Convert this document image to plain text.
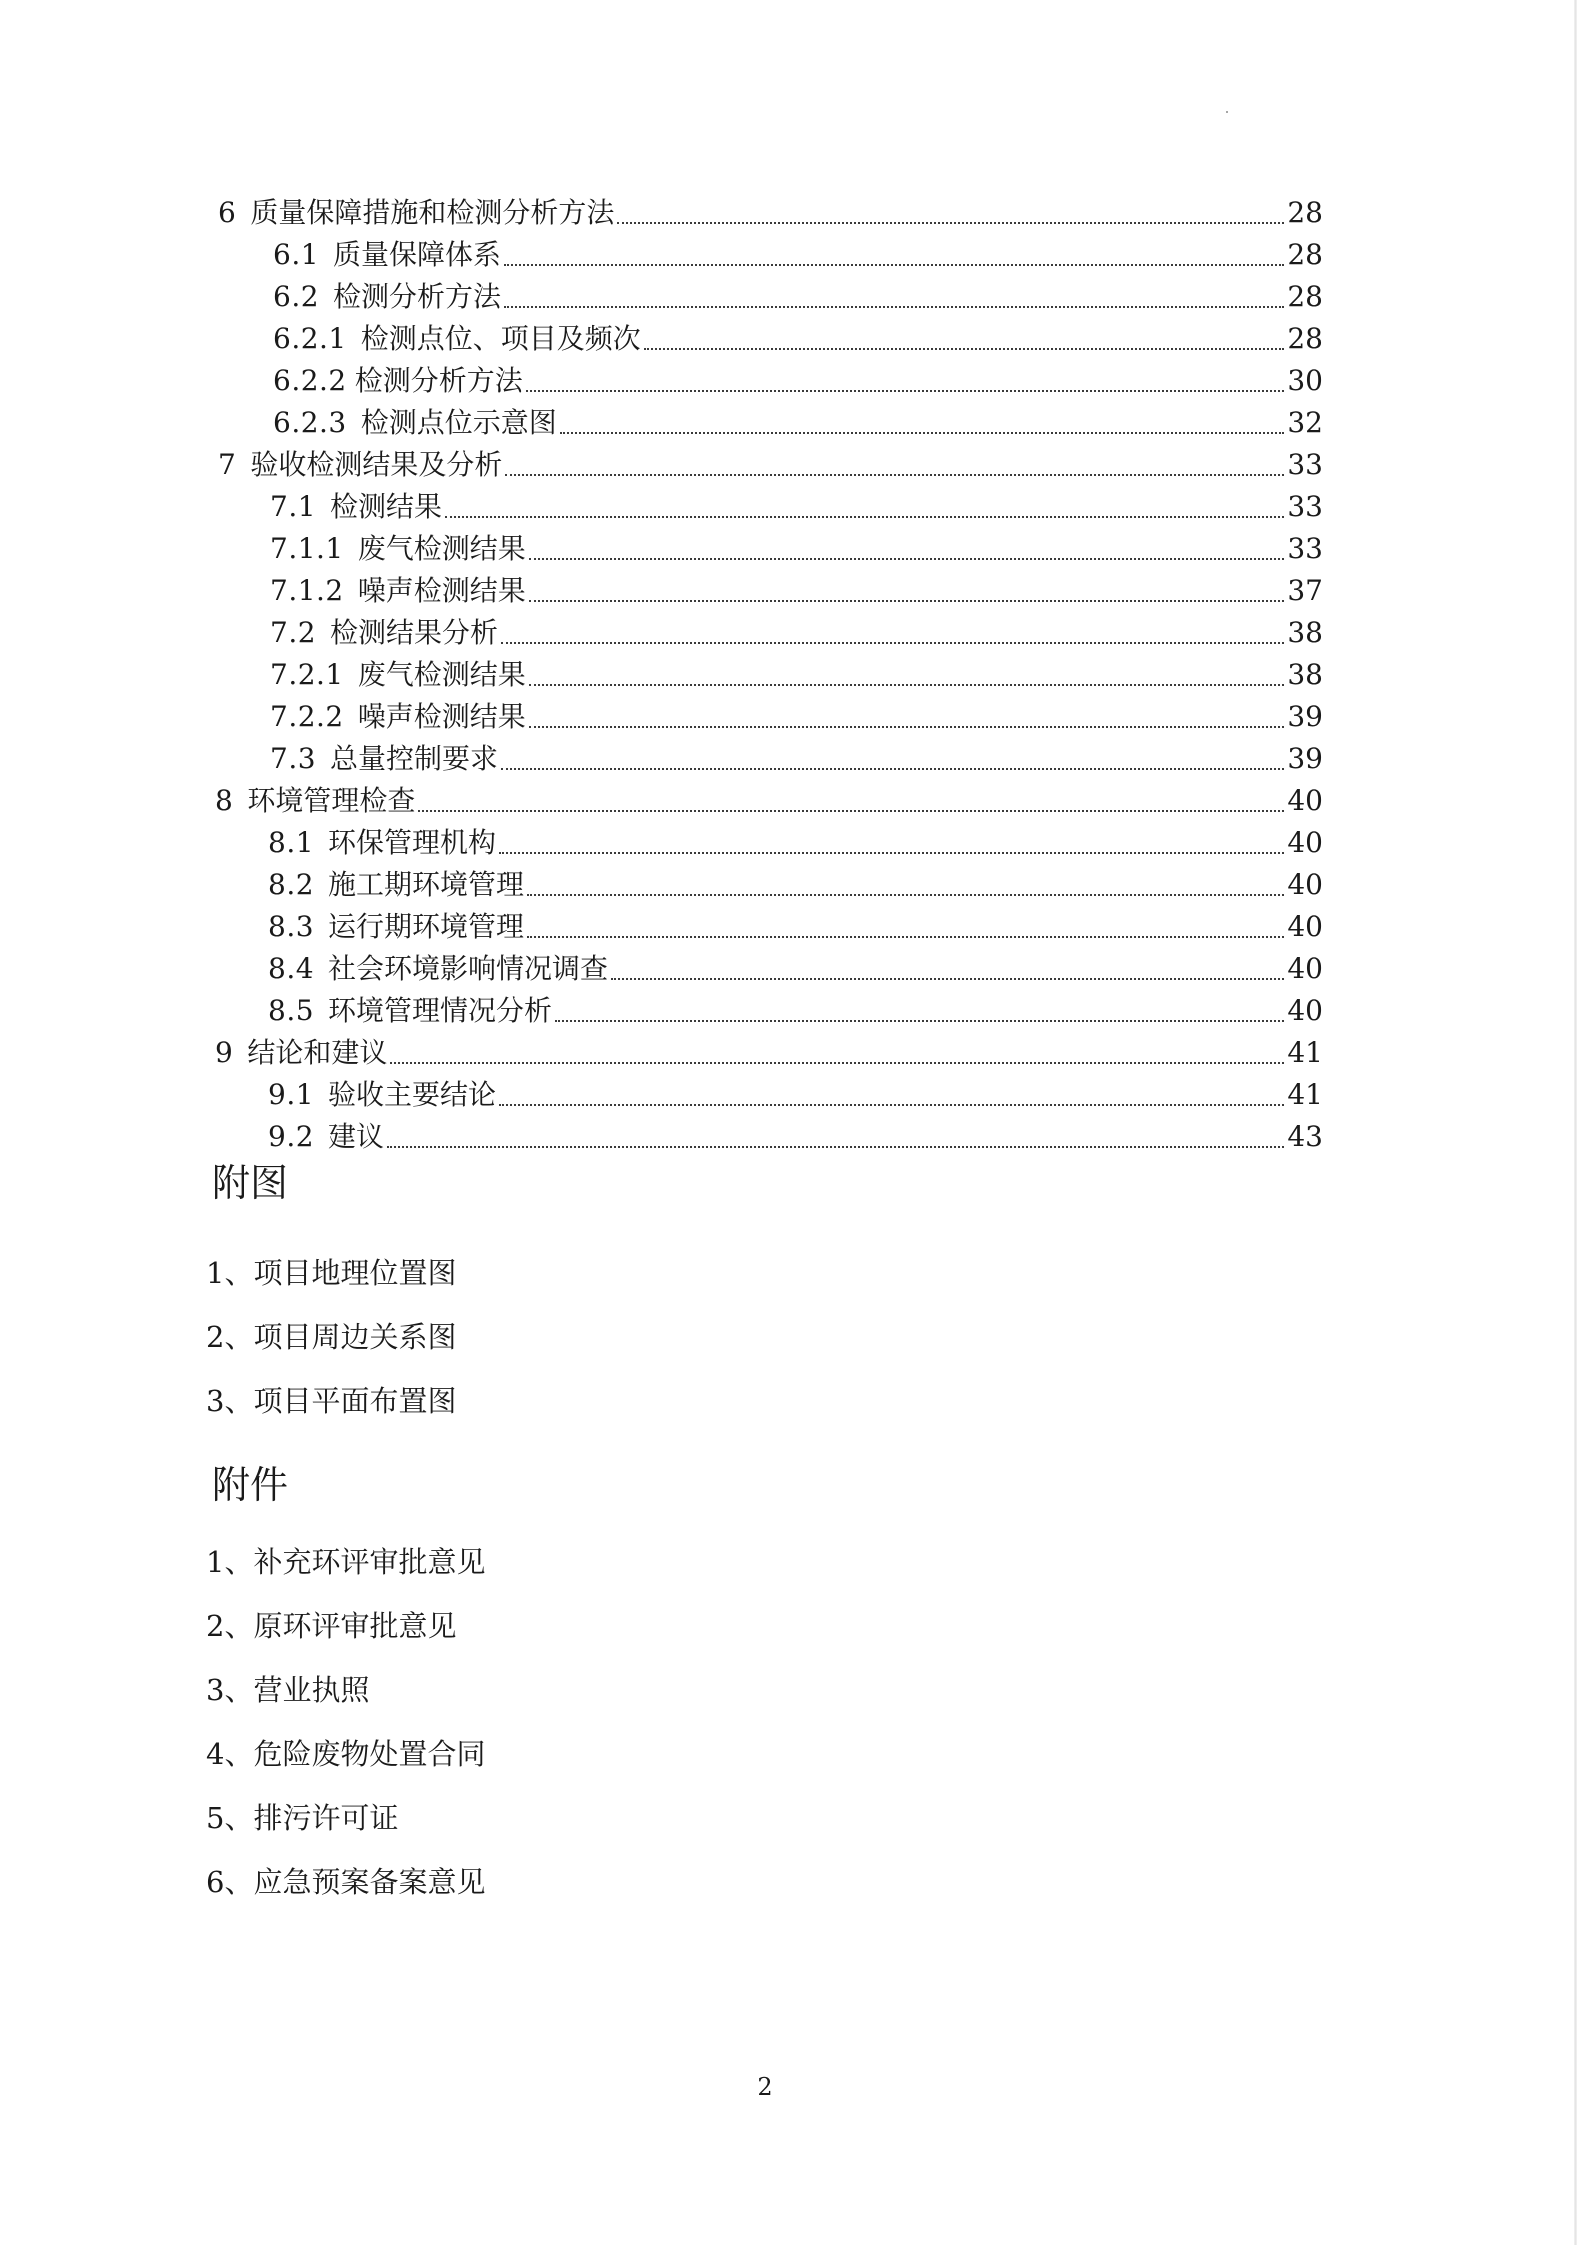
6 质量保障措施和检测分析方法	28
6.1 质量保障体系	28
6.2 检测分析方法	28
6.2.1 检测点位、项目及频次	28
6.2.2 检测分析方法	30
6.2.3 检测点位示意图	32
7 验收检测结果及分析	33
7.1 检测结果	33
7.1.1 废气检测结果	33
7.1.2 噪声检测结果	37
7.2 检测结果分析	38
7.2.1 废气检测结果	38
7.2.2 噪声检测结果	39
7.3 总量控制要求	39
8 环境管理检查	40
8.1 环保管理机构	40
8.2 施工期环境管理	40
8.3 运行期环境管理	40
8.4 社会环境影响情况调查	40
8.5 环境管理情况分析	40
9 结论和建议	41
9.1 验收主要结论	41
9.2 建议	43
附图
1、项目地理位置图
2、项目周边关系图
3、项目平面布置图
附件
1、补充环评审批意见
2、原环评审批意见
3、营业执照
4、危险废物处置合同
5、排污许可证
6、应急预案备案意见
2
